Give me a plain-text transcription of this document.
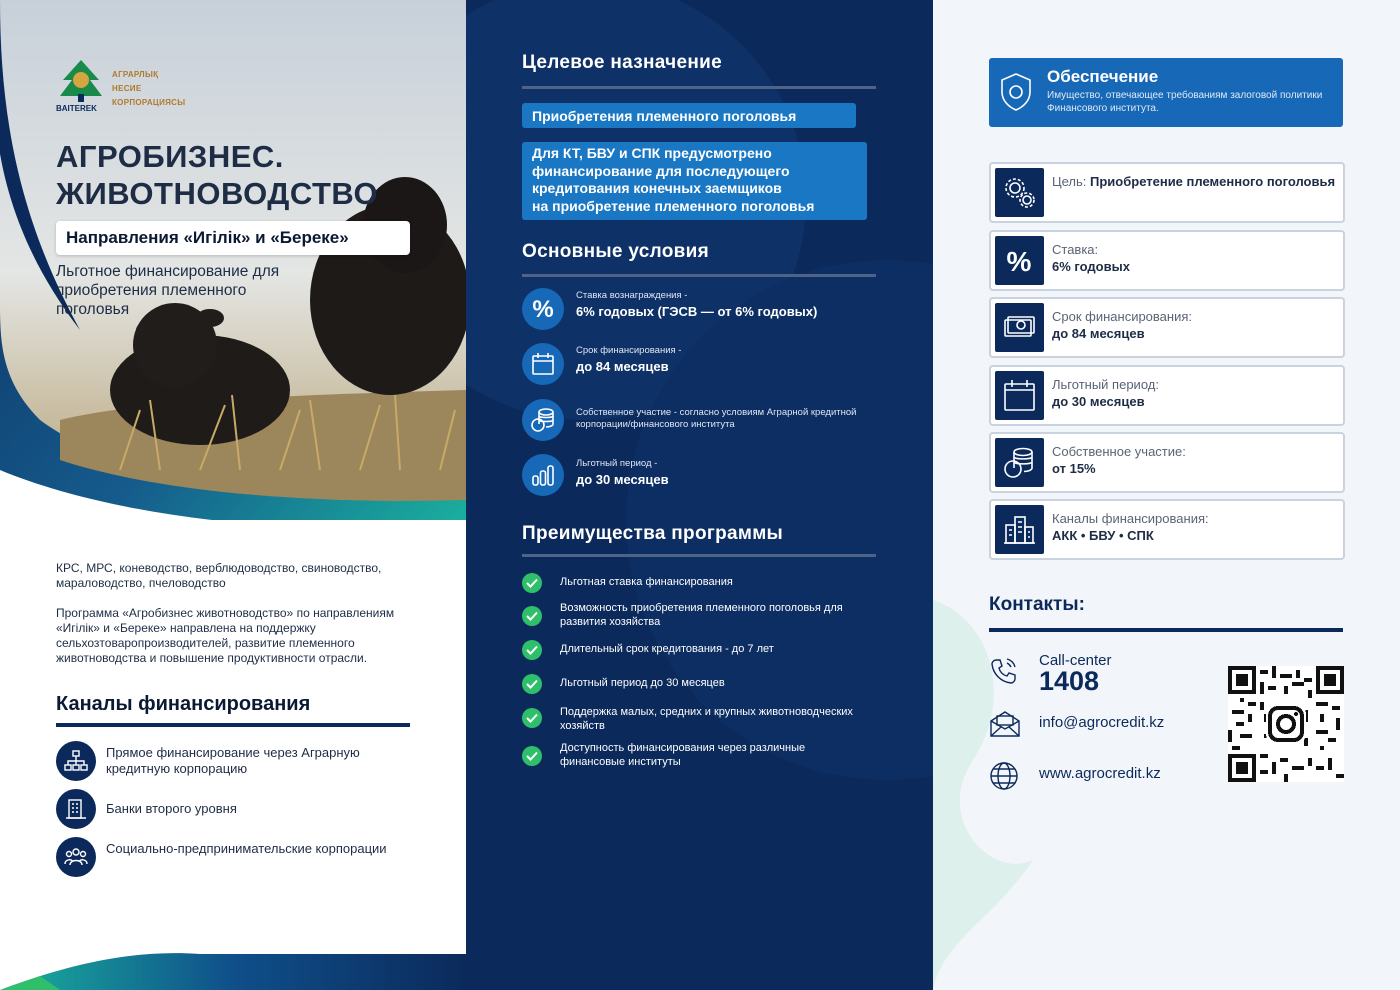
АГРАРЛЫҚ
НЕСИЕ
КОРПОРАЦИЯСЫ
BAITEREK
АГРОБИЗНЕС.
ЖИВОТНОВОДСТВО
Направления «Игілік» и «Береке»
Льготное финансирование для приобретения племенного поголовья
КРС, МРС, коневодство, верблюдоводство, свиноводство, мараловодство, пчеловодство
Программа «Агробизнес животноводство» по направлениям «Игілік» и «Береке» направлена на поддержку сельхозтоваропроизводителей, развитие племенного животноводства и повышение продуктивности отрасли.
Каналы финансирования
Прямое финансирование через Аграрную кредитную корпорацию
Банки второго уровня
Социально-предпринимательские корпорации
Целевое назначение
Приобретения племенного поголовья
Для КТ, БВУ и СПК предусмотрено
финансирование для последующего
кредитования конечных заемщиков
на приобретение племенного поголовья
Основные условия
%
Ставка вознаграждения -
6% годовых (ГЭСВ — от 6% годовых)
Срок финансирования -
до 84 месяцев
Собственное участие - согласно условиям Аграрной кредитной корпорации/финансового института
Льготный период -
до 30 месяцев
Преимущества программы
Льготная ставка финансирования
Возможность приобретения племенного поголовья для развития хозяйства
Длительный срок кредитования - до 7 лет
Льготный период до 30 месяцев
Поддержка малых, средних и крупных животноводческих хозяйств
Доступность финансирования через различные финансовые институты
Обеспечение
Имущество, отвечающее требованиям залоговой политики Финансового института.
Цель: Приобретение племенного поголовья
% Ставка:
6% годовых
Срок финансирования:
до 84 месяцев
Льготный период:
до 30 месяцев
Собственное участие:
от 15%
Каналы финансирования:
АКК • БВУ • СПК
Контакты:
Call-center
1408
info@agrocredit.kz
www.agrocredit.kz
